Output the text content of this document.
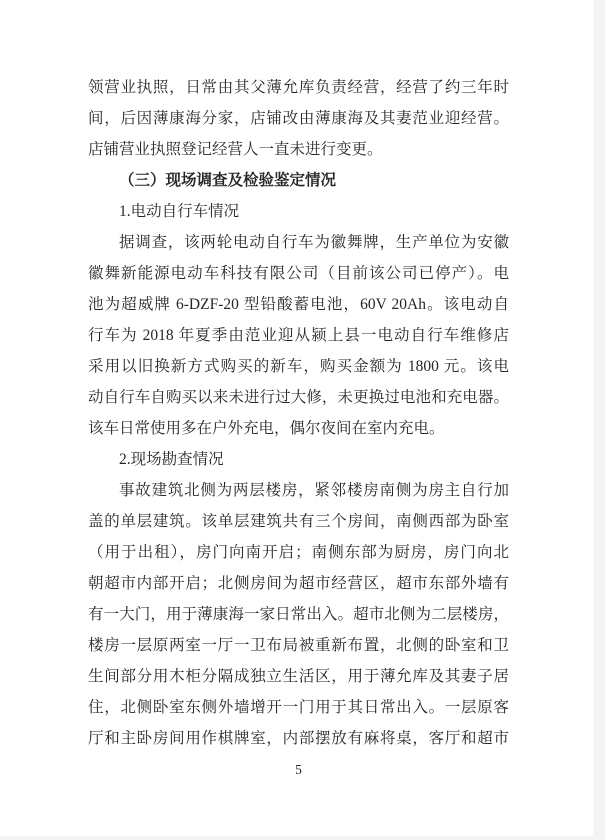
领营业执照，日常由其父薄允库负责经营，经营了约三年时
间，后因薄康海分家，店铺改由薄康海及其妻范业迎经营。
店铺营业执照登记经营人一直未进行变更。
（三）现场调查及检验鉴定情况
1.电动自行车情况
据调查，该两轮电动自行车为徽舞牌，生产单位为安徽
徽舞新能源电动车科技有限公司（目前该公司已停产）。电
池为超威牌 6-DZF-20 型铅酸蓄电池，60V 20Ah。该电动自
行车为 2018 年夏季由范业迎从颍上县一电动自行车维修店
采用以旧换新方式购买的新车，购买金额为 1800 元。该电
动自行车自购买以来未进行过大修，未更换过电池和充电器。
该车日常使用多在户外充电，偶尔夜间在室内充电。
2.现场勘查情况
事故建筑北侧为两层楼房，紧邻楼房南侧为房主自行加
盖的单层建筑。该单层建筑共有三个房间，南侧西部为卧室
（用于出租），房门向南开启；南侧东部为厨房，房门向北
朝超市内部开启；北侧房间为超市经营区，超市东部外墙有
有一大门，用于薄康海一家日常出入。超市北侧为二层楼房，
楼房一层原两室一厅一卫布局被重新布置，北侧的卧室和卫
生间部分用木柜分隔成独立生活区，用于薄允库及其妻子居
住，北侧卧室东侧外墙增开一门用于其日常出入。一层原客
厅和主卧房间用作棋牌室，内部摆放有麻将桌，客厅和超市
5
